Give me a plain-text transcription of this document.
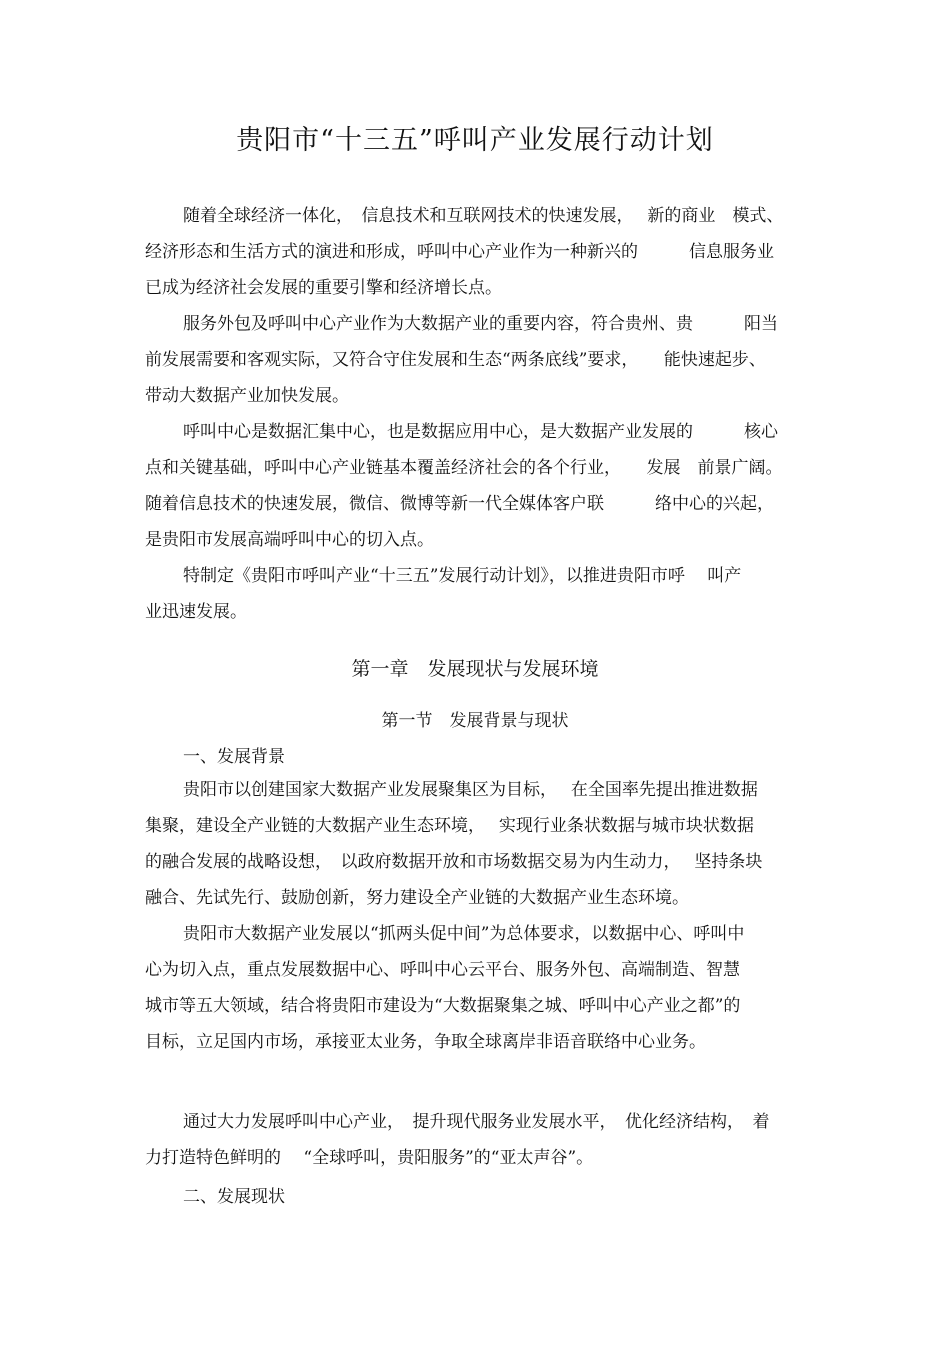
贵阳市“十三五”呼叫产业发展行动计划
随着全球经济一体化，　信息技术和互联网技术的快速发展，　 新的商业　模式、
经济形态和生活方式的演进和形成，呼叫中心产业作为一种新兴的　　　信息服务业
已成为经济社会发展的重要引擎和经济增长点。
服务外包及呼叫中心产业作为大数据产业的重要内容，符合贵州、贵　　　阳当
前发展需要和客观实际，又符合守住发展和生态“两条底线”要求，　　能快速起步、
带动大数据产业加快发展。
呼叫中心是数据汇集中心，也是数据应用中心，是大数据产业发展的　　　核心
点和关键基础，呼叫中心产业链基本覆盖经济社会的各个行业，　　发展　前景广阔。
随着信息技术的快速发展，微信、微博等新一代全媒体客户联　　　络中心的兴起，
是贵阳市发展高端呼叫中心的切入点。
特制定《贵阳市呼叫产业“十三五”发展行动计划》，以推进贵阳市呼　 叫产
业迅速发展。
第一章　发展现状与发展环境
第一节　发展背景与现状
一、发展背景
贵阳市以创建国家大数据产业发展聚集区为目标，　 在全国率先提出推进数据
集聚，建设全产业链的大数据产业生态环境，　 实现行业条状数据与城市块状数据
的融合发展的战略设想，　以政府数据开放和市场数据交易为内生动力，　 坚持条块
融合、先试先行、鼓励创新，努力建设全产业链的大数据产业生态环境。
贵阳市大数据产业发展以“抓两头促中间”为总体要求，以数据中心、呼叫中
心为切入点，重点发展数据中心、呼叫中心云平台、服务外包、高端制造、智慧
城市等五大领域，结合将贵阳市建设为“大数据聚集之城、呼叫中心产业之都”的
目标，立足国内市场，承接亚太业务，争取全球离岸非语音联络中心业务。
通过大力发展呼叫中心产业，　提升现代服务业发展水平，　优化经济结构，　着
力打造特色鲜明的　 “全球呼叫，贵阳服务”的“亚太声谷”。
二、发展现状
